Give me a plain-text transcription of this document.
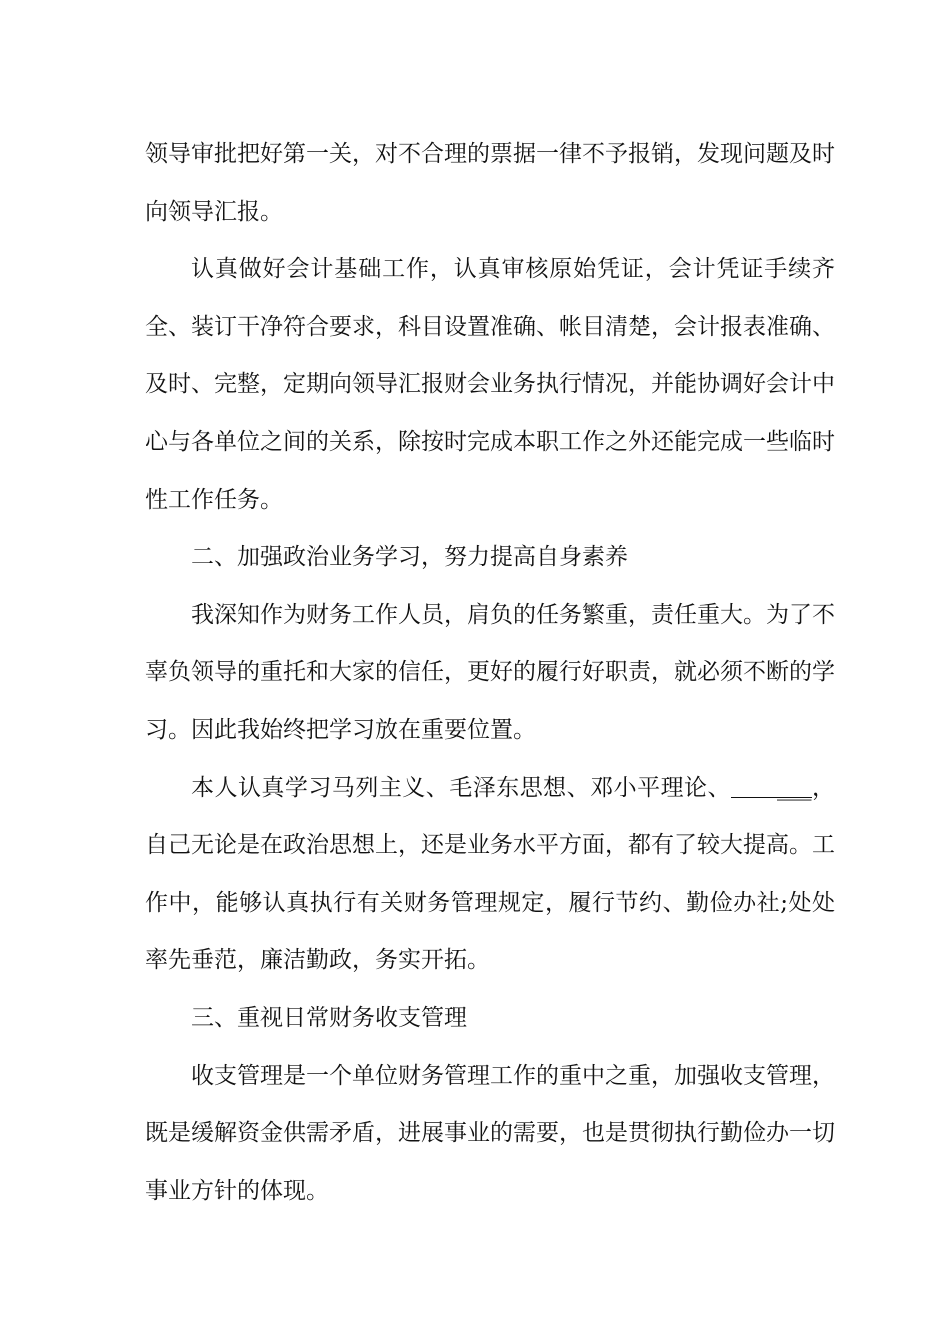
领导审批把好第一关，对不合理的票据一律不予报销，发现问题及时向领导汇报。

认真做好会计基础工作，认真审核原始凭证，会计凭证手续齐全、装订干净符合要求，科目设置准确、帐目清楚，会计报表准确、及时、完整，定期向领导汇报财会业务执行情况，并能协调好会计中心与各单位之间的关系，除按时完成本职工作之外还能完成一些临时性工作任务。

二、加强政治业务学习，努力提高自身素养

我深知作为财务工作人员，肩负的任务繁重，责任重大。为了不辜负领导的重托和大家的信任，更好的履行好职责，就必须不断的学习。因此我始终把学习放在重要位置。

本人认真学习马列主义、毛泽东思想、邓小平理论、 ___，自己无论是在政治思想上，还是业务水平方面，都有了较大提高。工作中，能够认真执行有关财务管理规定，履行节约、勤俭办社;处处率先垂范，廉洁勤政，务实开拓。

三、重视日常财务收支管理

收支管理是一个单位财务管理工作的重中之重，加强收支管理，既是缓解资金供需矛盾，进展事业的需要，也是贯彻执行勤俭办一切事业方针的体现。
